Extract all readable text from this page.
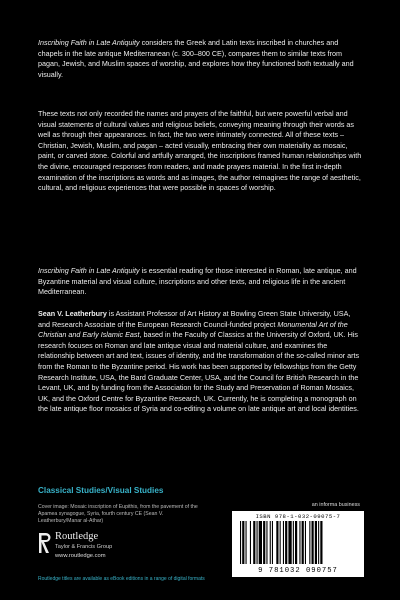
Inscribing Faith in Late Antiquity considers the Greek and Latin texts inscribed in churches and chapels in the late antique Mediterranean (c. 300–800 CE), compares them to similar texts from pagan, Jewish, and Muslim spaces of worship, and explores how they functioned both textually and visually.

These texts not only recorded the names and prayers of the faithful, but were powerful verbal and visual statements of cultural values and religious beliefs, conveying meaning through their words as well as through their appearances. In fact, the two were intimately connected. All of these texts – Christian, Jewish, Muslim, and pagan – acted visually, embracing their own materiality as mosaic, paint, or carved stone. Colorful and artfully arranged, the inscriptions framed human relationships with the divine, encouraged responses from readers, and made prayers material. In the first in-depth examination of the inscriptions as words and as images, the author reimagines the range of aesthetic, cultural, and religious experiences that were possible in spaces of worship.

Inscribing Faith in Late Antiquity is essential reading for those interested in Roman, late antique, and Byzantine material and visual culture, inscriptions and other texts, and religious life in the ancient Mediterranean.

Sean V. Leatherbury is Assistant Professor of Art History at Bowling Green State University, USA, and Research Associate of the European Research Council-funded project Monumental Art of the Christian and Early Islamic East, based in the Faculty of Classics at the University of Oxford, UK. His research focuses on Roman and late antique visual and material culture, and examines the relationship between art and text, issues of identity, and the transformation of the so-called minor arts from the Roman to the Byzantine period. His work has been supported by fellowships from the Getty Research Institute, USA, the Bard Graduate Center, USA, and the Council for British Research in the Levant, UK, and by funding from the Association for the Study and Preservation of Roman Mosaics, UK, and the Oxford Centre for Byzantine Research, UK. Currently, he is completing a monograph on the late antique floor mosaics of Syria and co-editing a volume on late antique art and local identities.

Classical Studies/Visual Studies
Cover image: Mosaic inscription of Eupithis, from the pavement of the Apamea synagogue, Syria, fourth century CE (Sean V. Leatherbury/Manar al-Athar)
Routledge
Taylor & Francis Group
www.routledge.com
Routledge titles are available as eBook editions in a range of digital formats
an informa business
ISBN 978-1-032-09075-7
9 781032 090757
